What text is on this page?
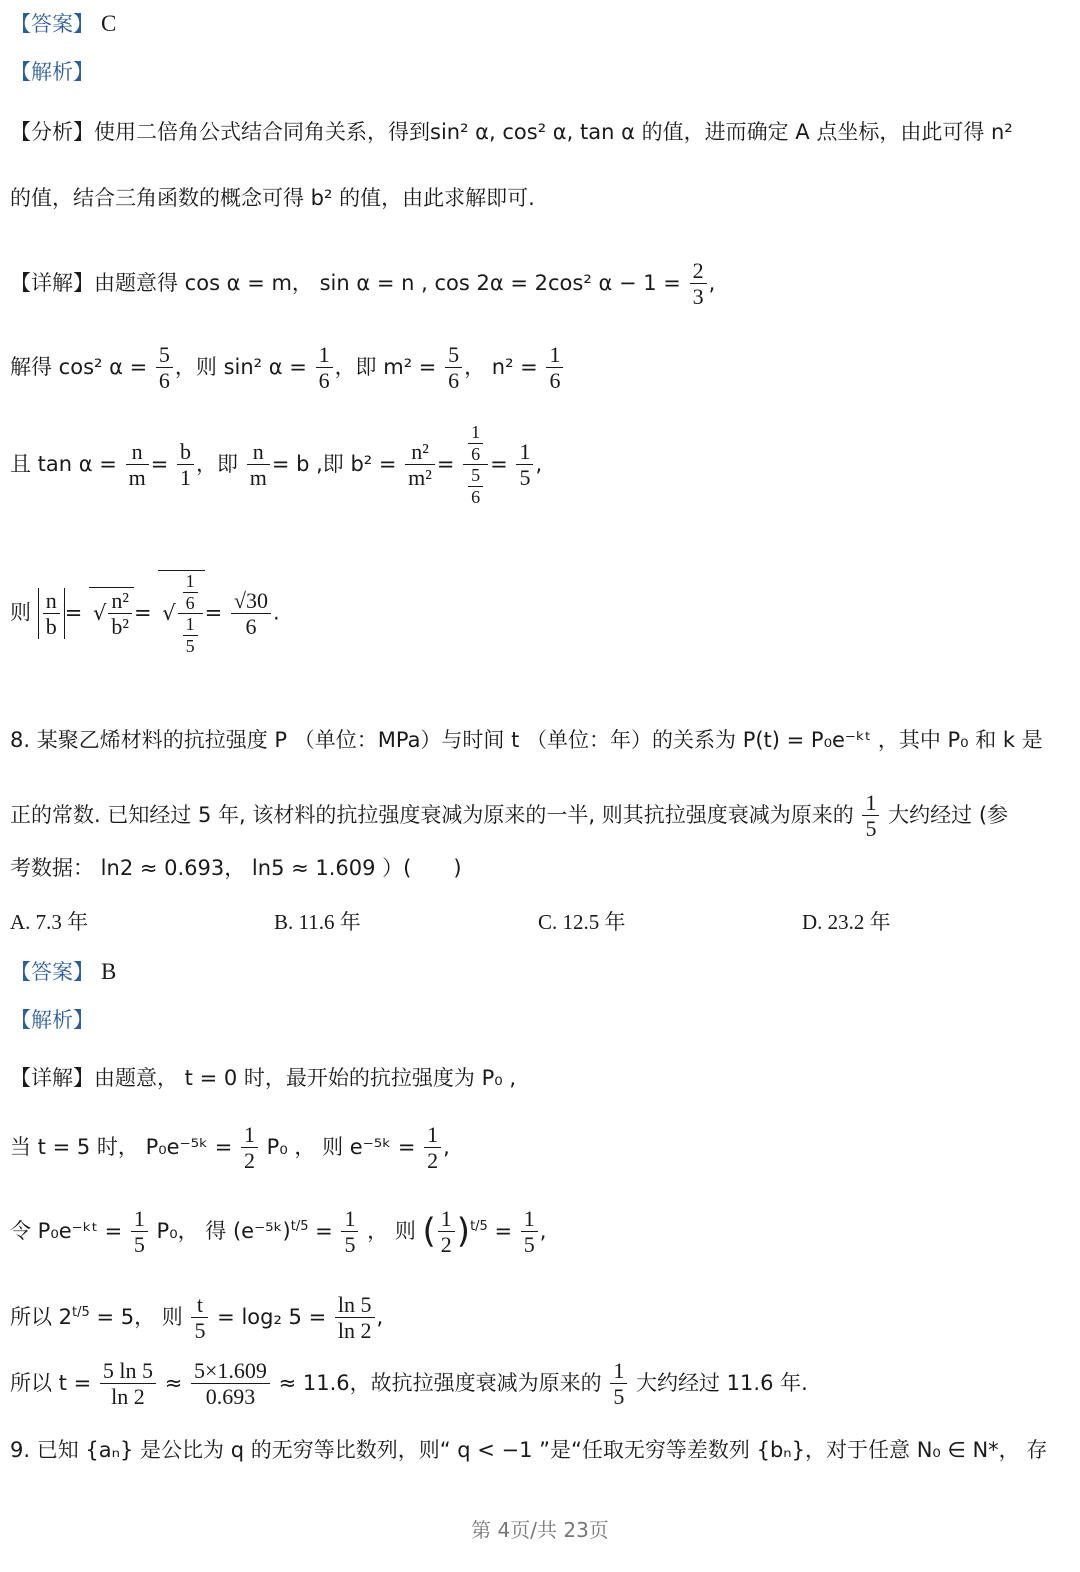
【答案】 C
【解析】
【分析】使用二倍角公式结合同角关系，得到sin² α, cos² α, tan α 的值，进而确定 A 点坐标，由此可得 n²
的值，结合三角函数的概念可得 b² 的值，由此求解即可.
【详解】由题意得 cos α = m， sin α = n , cos 2α = 2cos² $\alpha - 1 = \frac{2}{3}$ ,
解得 cos² $\alpha = \frac{5}{6}$ ，则 sin² $\alpha = \frac{1}{6}$ ，即 $m^2 = \frac{5}{6}$ ， $n^2 = \frac{1}{6}$
且 $\tan \alpha = \frac{n}{m} = \frac{b}{1}$ ，即 $\frac{n}{m} = b$ ,即 $b^2 = \frac{\text{n²}}{\text{m²}} = \frac{\frac{1}{6}}{\frac{5}{6}} = \frac{1}{5}$ ,
则 $\frac{n}{b}$ = √ $\frac{\text{n²}}{\text{b²}}$ = √ $\frac{\frac{1}{6}}{\frac{1}{5}} = \frac{√30}{6}$ .
8. 某聚乙烯材料的抗拉强度 P （单位：MPa）与时间 t （单位：年）的关系为 P(t) = P₀e⁻ᵏᵗ ，其中 P₀ 和 k 是
正的常数. 已知经过 5 年, 该材料的抗拉强度衰减为原来的一半, 则其抗拉强度衰减为原来的 $\frac{1}{5}$ 大约经过 (参
考数据： ln2 ≈ 0.693， ln5 ≈ 1.609 ）(　　)
A. 7.3 年	B. 11.6 年	C. 12.5 年	D. 23.2 年
【答案】 B
【解析】
【详解】由题意， t = 0 时，最开始的抗拉强度为 P₀ ,
当 t = 5 时， P₀e⁻⁵ᵏ = $\frac{1}{2} P_0$ ， 则 e⁻⁵ᵏ = $\frac{1}{2}$ ,
令 P₀e⁻ᵏᵗ = $\frac{1}{5} P_0$， 得 (e⁻⁵ᵏ)$^{t/5}$ = $\frac{1}{5}$ ， 则 ( $\frac{1}{2} )^{t/5} = \frac{1}{5}$ ,
所以 $2^{t/5} = 5$， 则 $\frac{t}{5} = \log_2$ $5 = \frac{\ln 5}{\ln 2}$ ,
所以 $t = \frac{5 \ln 5}{\ln 2} \approx \frac{5\times 1.609}{0.693} \approx 11.6$，故抗拉强度衰减为原来的 $\frac{1}{5}$ 大约经过 11.6 年.
9. 已知 {aₙ} 是公比为 q 的无穷等比数列，则“ q < −1 ”是“任取无穷等差数列 {bₙ}，对于任意 N₀ ∈ N*， 存
第 4页/共 23页
